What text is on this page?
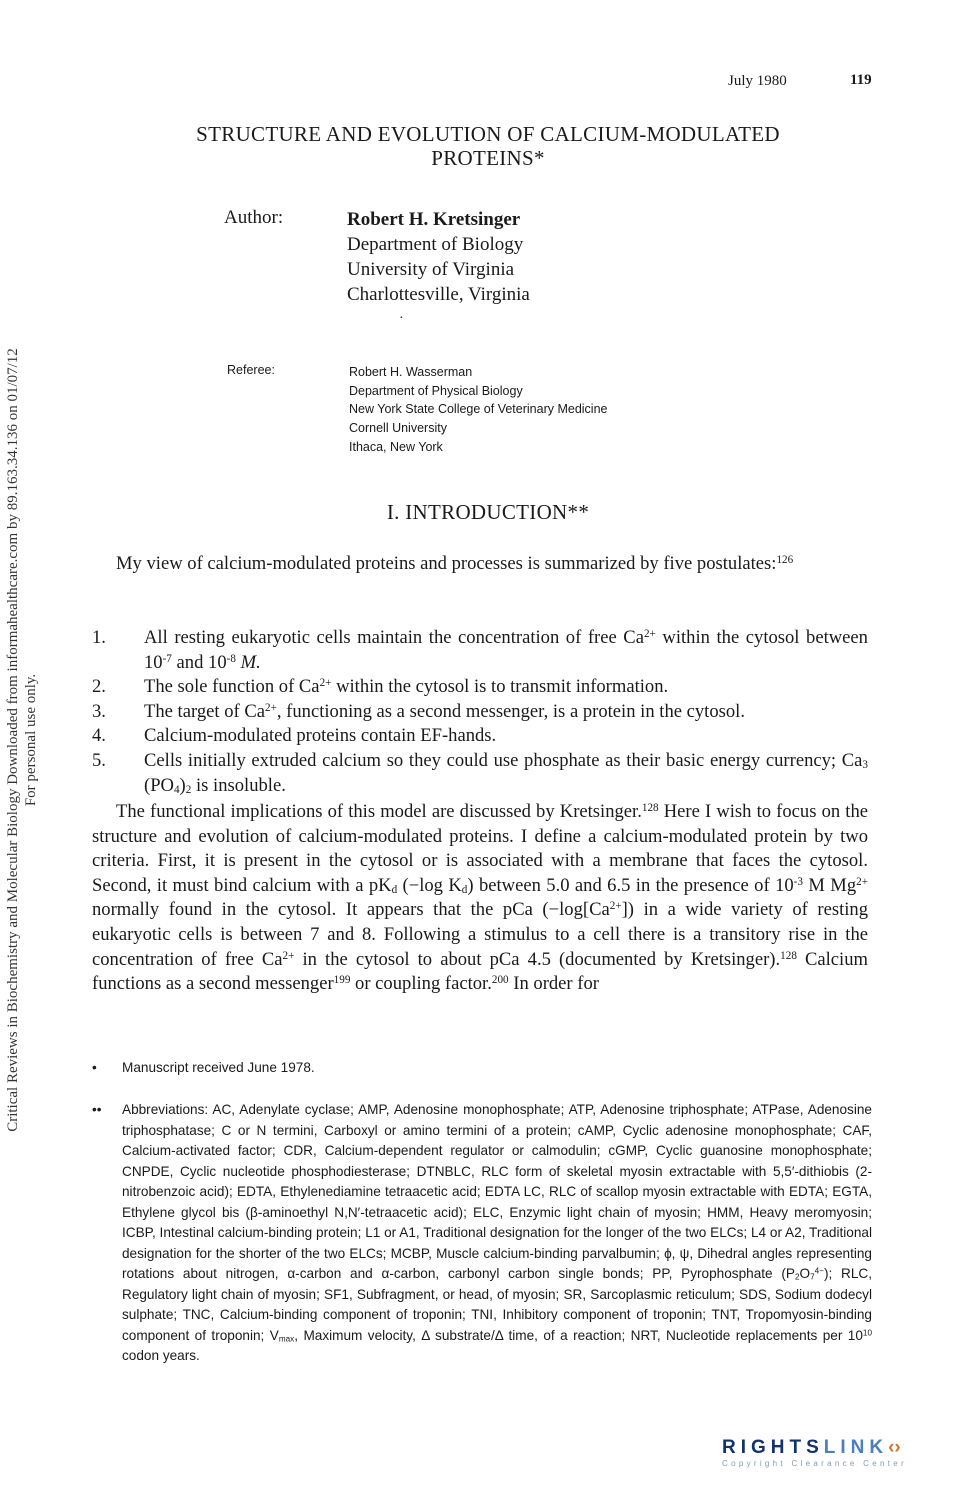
July 1980	119
STRUCTURE AND EVOLUTION OF CALCIUM-MODULATED
PROTEINS*
Author:	Robert H. Kretsinger
Department of Biology
University of Virginia
Charlottesville, Virginia
·
Referee:	Robert H. Wasserman
Department of Physical Biology
New York State College of Veterinary Medicine
Cornell University
Ithaca, New York
I. INTRODUCTION**

My view of calcium-modulated proteins and processes is summarized by five postulates:$^{126}$

1. All resting eukaryotic cells maintain the concentration of free $Ca^{2+}$ within the cytosol between $10^{-7}$ and $10^{-8}$ M.
2. The sole function of $Ca^{2+}$ within the cytosol is to transmit information.
3. The target of $Ca^{2+}$, functioning as a second messenger, is a protein in the cytosol.
4. Calcium-modulated proteins contain EF-hands.
5. Cells initially extruded calcium so they could use phosphate as their basic energy currency; $Ca_3$ $(PO_4)_2$ is insoluble.

The functional implications of this model are discussed by Kretsinger.$^{128}$ Here I wish to focus on the structure and evolution of calcium-modulated proteins. I define a calcium-modulated protein by two criteria. First, it is present in the cytosol or is associated with a membrane that faces the cytosol. Second, it must bind calcium with a $pK_d$ (−log $K_d$) between 5.0 and 6.5 in the presence of $10^{-3}$ M $Mg^{2+}$ normally found in the cytosol. It appears that the pCa $(-\log[Ca^{2+}])$ in a wide variety of resting eukaryotic cells is between 7 and 8. Following a stimulus to a cell there is a transitory rise in the concentration of free $Ca^{2+}$ in the cytosol to about pCa 4.5 (documented by Kretsinger).$^{128}$ Calcium functions as a second messenger$^{199}$ or coupling factor.$^{200}$ In order for

• Manuscript received June 1978.
•• Abbreviations: AC, Adenylate cyclase; AMP, Adenosine monophosphate; ATP, Adenosine triphosphate; ATPase, Adenosine triphosphatase; C or N termini, Carboxyl or amino termini of a protein; cAMP, Cyclic adenosine monophosphate; CAF, Calcium-activated factor; CDR, Calcium-dependent regulator or calmodulin; cGMP, Cyclic guanosine monophosphate; CNPDE, Cyclic nucleotide phosphodiesterase; DTNBLC, RLC form of skeletal myosin extractable with 5,5′-dithiobis (2-nitrobenzoic acid); EDTA, Ethylenediamine tetraacetic acid; EDTA LC, RLC of scallop myosin extractable with EDTA; EGTA, Ethylene glycol bis (β-aminoethyl N,N′-tetraacetic acid); ELC, Enzymic light chain of myosin; HMM, Heavy meromyosin; ICBP, Intestinal calcium-binding protein; L1 or A1, Traditional designation for the longer of the two ELCs; L4 or A2, Traditional designation for the shorter of the two ELCs; MCBP, Muscle calcium-binding parvalbumin; ϕ, ψ, Dihedral angles representing rotations about nitrogen, α-carbon and α-carbon, carbonyl carbon single bonds; PP, Pyrophosphate $(P_2O_7^{4-})$; RLC, Regulatory light chain of myosin; SF1, Subfragment, or head, of myosin; SR, Sarcoplasmic reticulum; SDS, Sodium dodecyl sulphate; TNC, Calcium-binding component of troponin; TNI, Inhibitory component of troponin; TNT, Tropomyosin-binding component of troponin; $V_{max}$, Maximum velocity, Δ substrate/Δ time, of a reaction; NRT, Nucleotide replacements per $10^{10}$ codon years.
Critical Reviews in Biochemistry and Molecular Biology Downloaded from informahealthcare.com by 89.163.34.136 on 01/07/12 For personal use only.
RIGHTSLINK‹›
Copyright Clearance Center
